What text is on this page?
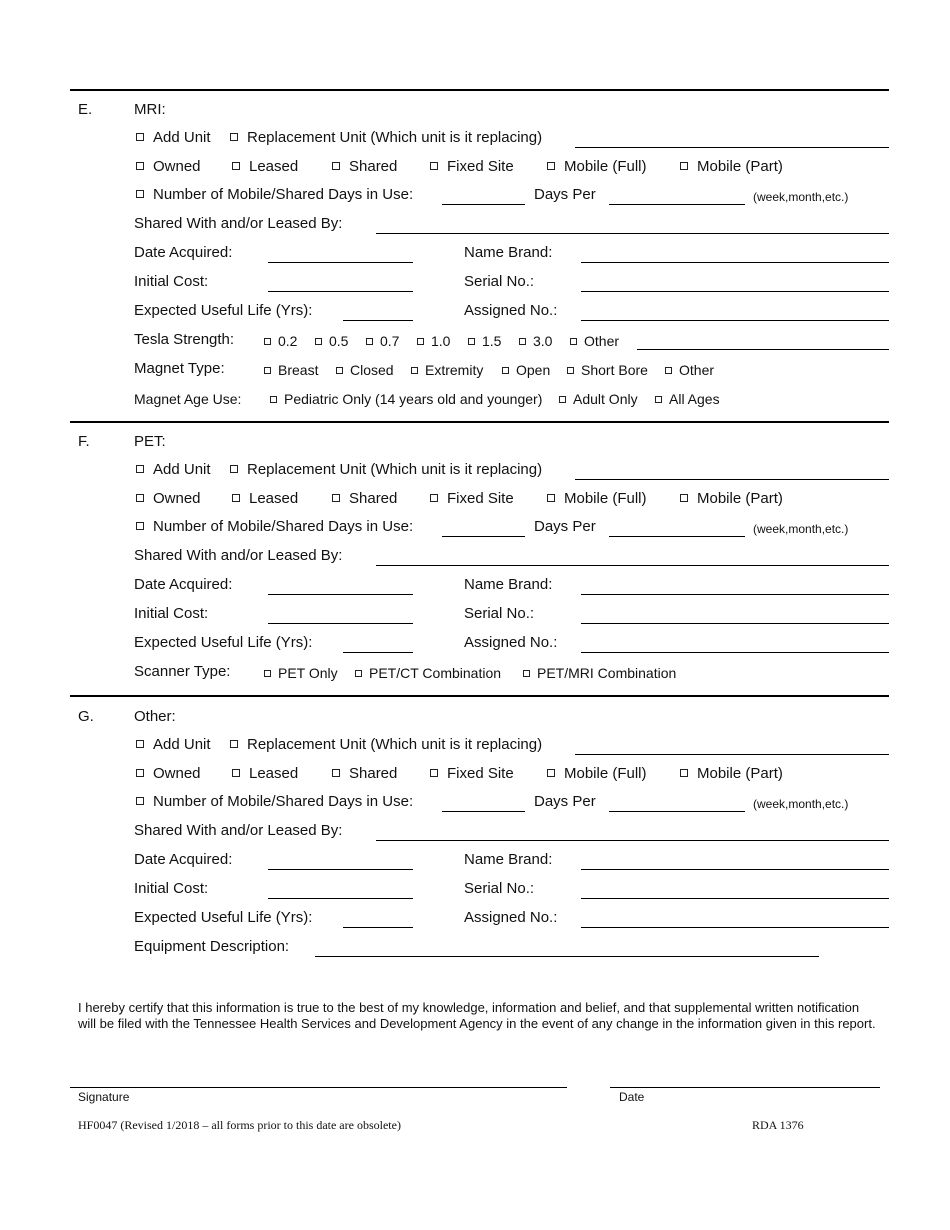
E.	MRI:
Add Unit	Replacement Unit (Which unit is it replacing)
Owned	Leased	Shared	Fixed Site	Mobile (Full)	Mobile (Part)
Number of Mobile/Shared Days in Use:	Days Per	(week,month,etc.)
Shared With and/or Leased By:
Date Acquired:	Name Brand:
Initial Cost:	Serial No.:
Expected Useful Life (Yrs):	Assigned No.:
Tesla Strength:	0.2	0.5	0.7	1.0	1.5	3.0	Other
Magnet Type:	Breast	Closed	Extremity	Open	Short Bore	Other
Magnet Age Use:	Pediatric Only (14 years old and younger)	Adult Only	All Ages
F.	PET:
Add Unit	Replacement Unit (Which unit is it replacing)
Owned	Leased	Shared	Fixed Site	Mobile (Full)	Mobile (Part)
Number of Mobile/Shared Days in Use:	Days Per	(week,month,etc.)
Shared With and/or Leased By:
Date Acquired:	Name Brand:
Initial Cost:	Serial No.:
Expected Useful Life (Yrs):	Assigned No.:
Scanner Type:	PET Only	PET/CT Combination	PET/MRI Combination
G.	Other:
Add Unit	Replacement Unit (Which unit is it replacing)
Owned	Leased	Shared	Fixed Site	Mobile (Full)	Mobile (Part)
Number of Mobile/Shared Days in Use:	Days Per	(week,month,etc.)
Shared With and/or Leased By:
Date Acquired:	Name Brand:
Initial Cost:	Serial No.:
Expected Useful Life (Yrs):	Assigned No.:
Equipment Description:
I hereby certify that this information is true to the best of my knowledge, information and belief, and that supplemental written notification will be filed with the Tennessee Health Services and Development Agency in the event of any change in the information given in this report.
Signature	Date
HF0047 (Revised 1/2018 – all forms prior to this date are obsolete)	RDA 1376
